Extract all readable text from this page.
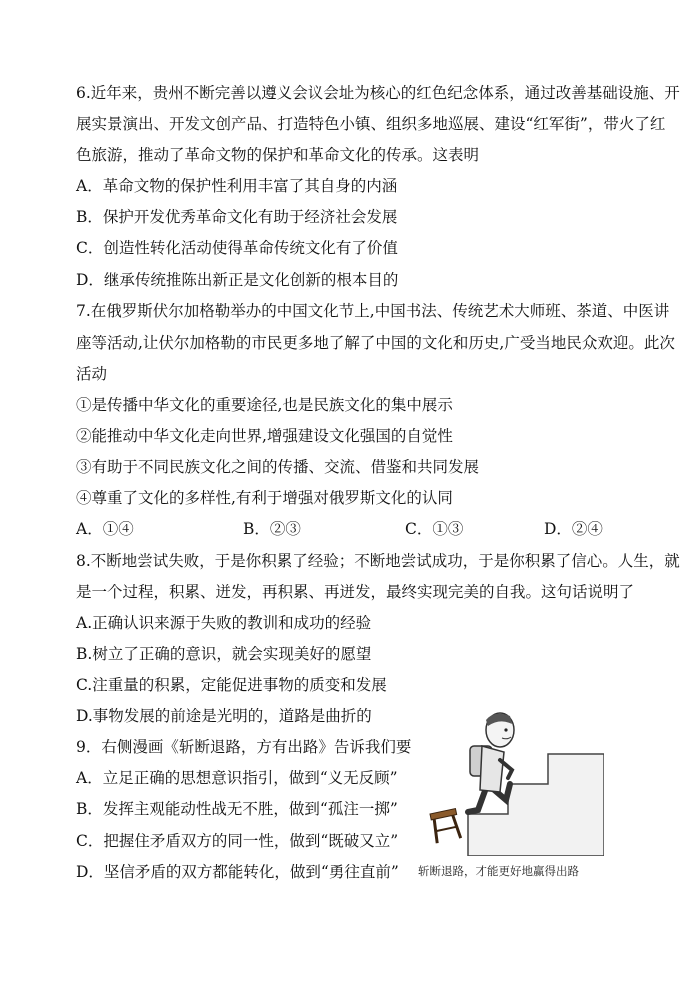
6.近年来，贵州不断完善以遵义会议会址为核心的红色纪念体系，通过改善基础设施、开
展实景演出、开发文创产品、打造特色小镇、组织多地巡展、建设“红军街”，带火了红
色旅游，推动了革命文物的保护和革命文化的传承。这表明
A．革命文物的保护性利用丰富了其自身的内涵
B．保护开发优秀革命文化有助于经济社会发展
C．创造性转化活动使得革命传统文化有了价值
D．继承传统推陈出新正是文化创新的根本目的
7.在俄罗斯伏尔加格勒举办的中国文化节上,中国书法、传统艺术大师班、茶道、中医讲
座等活动,让伏尔加格勒的市民更多地了解了中国的文化和历史,广受当地民众欢迎。此次
活动
①是传播中华文化的重要途径,也是民族文化的集中展示
②能推动中华文化走向世界,增强建设文化强国的自觉性
③有助于不同民族文化之间的传播、交流、借鉴和共同发展
④尊重了文化的多样性,有利于增强对俄罗斯文化的认同
A．①④	B．②③	C．①③	D．②④
8.不断地尝试失败，于是你积累了经验；不断地尝试成功，于是你积累了信心。人生，就
是一个过程，积累、迸发，再积累、再迸发，最终实现完美的自我。这句话说明了
A.正确认识来源于失败的教训和成功的经验
B.树立了正确的意识，就会实现美好的愿望
C.注重量的积累，定能促进事物的质变和发展
D.事物发展的前途是光明的，道路是曲折的
9．右侧漫画《斩断退路，方有出路》告诉我们要
A．立足正确的思想意识指引，做到“义无反顾”
B．发挥主观能动性战无不胜，做到“孤注一掷”
C．把握住矛盾双方的同一性，做到“既破又立”
D．坚信矛盾的双方都能转化，做到“勇往直前”	斩断退路，才能更好地赢得出路
